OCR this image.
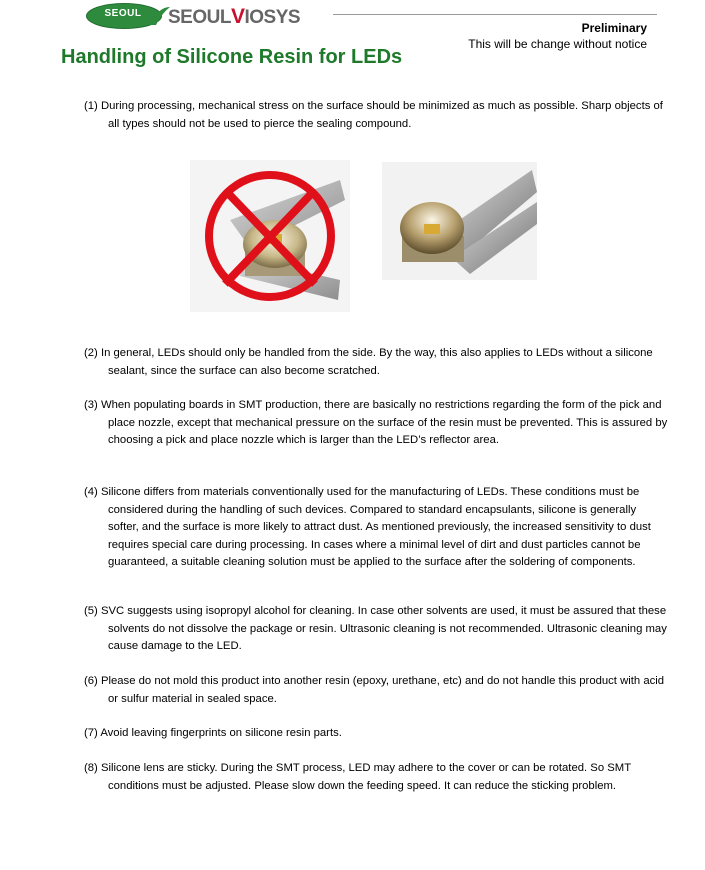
SEOUL	SEOULVIOSYS	Preliminary
This will be change without notice
Handling of Silicone Resin for LEDs
(1) During processing, mechanical stress on the surface should be minimized as much as possible. Sharp objects of all types should not be used to pierce the sealing compound.
(2) In general, LEDs should only be handled from the side. By the way, this also applies to LEDs without a silicone sealant, since the surface can also become scratched.
(3) When populating boards in SMT production, there are basically no restrictions regarding the form of the pick and place nozzle, except that mechanical pressure on the surface of the resin must be prevented. This is assured by choosing a pick and place nozzle which is larger than the LED’s reflector area.
(4) Silicone differs from materials conventionally used for the manufacturing of LEDs. These conditions must be considered during the handling of such devices. Compared to standard encapsulants, silicone is generally softer, and the surface is more likely to attract dust. As mentioned previously, the increased sensitivity to dust requires special care during processing. In cases where a minimal level of dirt and dust particles cannot be guaranteed, a suitable cleaning solution must be applied to the surface after the soldering of components.
(5) SVC suggests using isopropyl alcohol for cleaning. In case other solvents are used, it must be assured that these solvents do not dissolve the package or resin. Ultrasonic cleaning is not recommended. Ultrasonic cleaning may cause damage to the LED.
(6) Please do not mold this product into another resin (epoxy, urethane, etc) and do not handle this product with acid or sulfur material in sealed space.
(7) Avoid leaving fingerprints on silicone resin parts.
(8) Silicone lens are sticky. During the SMT process, LED may adhere to the cover or can be rotated. So SMT conditions must be adjusted. Please slow down the feeding speed. It can reduce the sticking problem.
